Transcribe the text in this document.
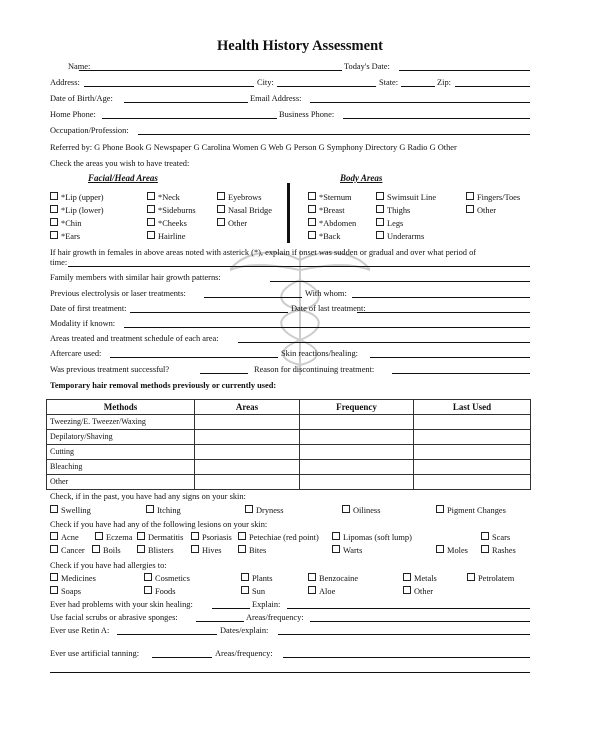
Health History Assessment
Name:	Today's Date:
Address:	City:	State:	Zip:
Date of Birth/Age:	Email Address:
Home Phone:	Business Phone:
Occupation/Profession:
Referred by: G Phone Book G Newspaper G Carolina Women G Web G Person G Symphony Directory G Radio G Other
Check the areas you wish to have treated:
Facial/Head Areas	Body Areas
*Lip (upper)
*Lip (lower)
*Chin
*Ears
*Neck
*Sideburns
*Cheeks
Hairline
Eyebrows
Nasal Bridge
Other
*Sternum
*Breast
*Abdomen
*Back
Swimsuit Line
Thighs
Legs
Underarms
Fingers/Toes
Other
If hair growth in females in above areas noted with asterick (*), explain if onset was sudden or gradual and over what period of
time:
Family members with similar hair growth patterns:
Previous electrolysis or laser treatments:	With whom:
Date of first treatment:	Date of last treatment:
Modality if known:
Areas treated and treatment schedule of each area:
Aftercare used:	Skin reactions/healing:
Was previous treatment successful?	Reason for discontinuing treatment:
Temporary hair removal methods previously or currently used:
Methods	Areas	Frequency	Last Used
Tweezing/E. Tweezer/Waxing			
Depilatory/Shaving			
Cutting			
Bleaching			
Other			
Check, if in the past, you have had any signs on your skin:
Swelling	Itching	Dryness	Oiliness	Pigment Changes
Check if you have had any of the following lesions on your skin:
Acne	Eczema	Dermatitis	Psoriasis	Petechiae (red point)	Lipomas (soft lump)	Scars
Cancer	Boils	Blisters	Hives	Bites	Warts	Moles	Rashes
Check if you have had allergies to:
Medicines	Cosmetics	Plants	Benzocaine	Metals	Petrolatem
Soaps	Foods	Sun	Aloe	Other
Ever had problems with your skin healing:	Explain:
Use facial scrubs or abrasive sponges:	Areas/frequency:
Ever use Retin A:	Dates/explain:
Ever use artificial tanning:	Areas/frequency:
